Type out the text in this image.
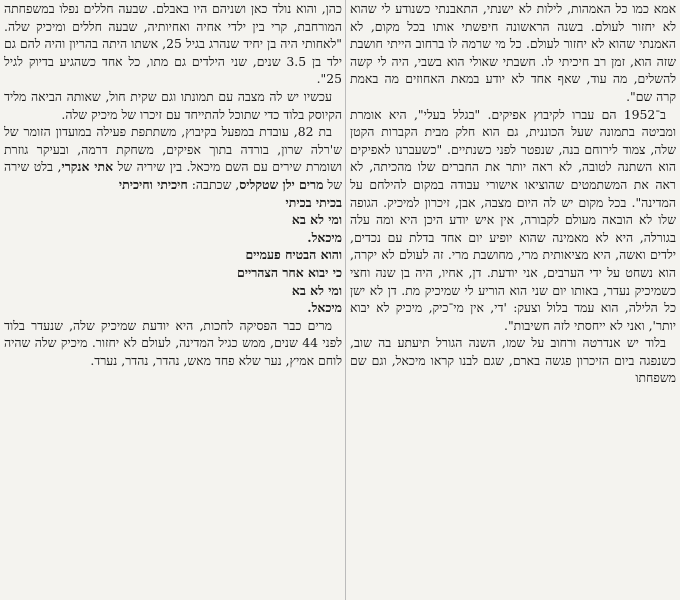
אמא כמו כל האמהות, לילות לא ישנתי, התאבנתי כשנודע לי שהוא לא יחזור לעולם. בשנה הראשונה חיפשתי אותו בכל מקום, לא האמנתי שהוא לא יחזור לעולם. כל מי שרמה לו ברחוב הייתי חושבת שזה הוא, זמן רב חיכיתי לו. חשבתי שאולי הוא בשבי, היה לי קשה להשלים, מה עוד, שאף אחד לא יודע במאת האחוזים מה באמת קרה שם".

ב־1952 הם עברו לקיבוץ אפיקים. "בגלל בעלי", היא אומרת ומביטה בתמונה שעל הכוננית, גם הוא חלק מבית הקברות הקטן שלה, צמוד לירוחם בנה, שנפטר לפני כשנתיים. "כשעברנו לאפיקים הוא השתנה לטובה, לא ראה יותר את החברים שלו מהכיתה, לא ראה את המשתמטים שהוציאו אישורי עבודה במקום להילחם על המדינה". בכל מקום יש לה היום מצבה, אבן, זיכרון למיכיק. הגופה שלו לא הובאה מעולם לקבורה, אין איש יודע היכן היא ומה עלה בגורלה, היא לא מאמינה שהוא יופיע יום אחד בדלת עם נכדים, ילדים ואשה, היא מציאותית מרי, מחושבת מרי. זה לעולם לא יקרה, הוא נשחט על ידי הערבים, אני יודעת. דן, אחיו, היה בן שנה וחצי כשמיכיק נעדר, באותו יום שני הוא הוריע לי שמיכיק מת. דן לא ישן כל הלילה, הוא עמד בלול וצעק: 'די, אין מי־כיק, מיכיק לא יבוא יותר', ואני לא ייחסתי לזה חשיבות".

בלוד יש אנדרטה ורחוב על שמו, השנה הגורל תיעתע בה שוב, כשנפגה ביום הזיכרון פגשה בארם, שגם לבנו קראו מיכאל, וגם שם משפחתו

כהן, והוא נולד כאן ושניהם היו באבלם. שבעה חללים נפלו במשפחתה המורחבת, קרי בין ילדי אחיה ואחיותיה, שבעה חללים ומיכיק שלה. "לאחותי היה בן יחיד שנהרג בגיל 25, אשתו היתה בהריון והיה להם גם ילד בן 3.5 שנים, שני הילדים גם מתו, כל אחד כשהגיע בדיוק לגיל 25".

עכשיו יש לה מצבה עם תמונתו וגם שקית חול, שאותה הביאה מליד הקיוסק בלוד כדי שתוכל להתייחד עם זיכרו של מיכיק שלה.

בת 82, עובדת במפעל בקיבוץ, משתתפת פעילה במועדון הזומר של ש'רלה שרון, בורדה בתוך אפיקים, משחקת דרמה, ובעיקר גוזרת ושומרת שירים עם השם מיכאל. בין שיריה של אתי אנקרי, בלט שירה של מרים ילן שטקליס, שכתבה: חיכיתי וחיכיתי

בכיתי בכיתי
ומי לא בא
מיכאל.
והוא הבטיח פעמיים
כי יבוא אחר הצהריים
ומי לא בא
מיכאל.

מרים כבר הפסיקה לחכות, היא יודעת שמיכיק שלה, שנעדר בלוד לפני 44 שנים, ממש כגיל המדינה, לעולם לא יחזור. מיכיק שלה שהיה לוחם אמיץ, נער שלא פחד מאש, נהדר, נהדר, נערד.
